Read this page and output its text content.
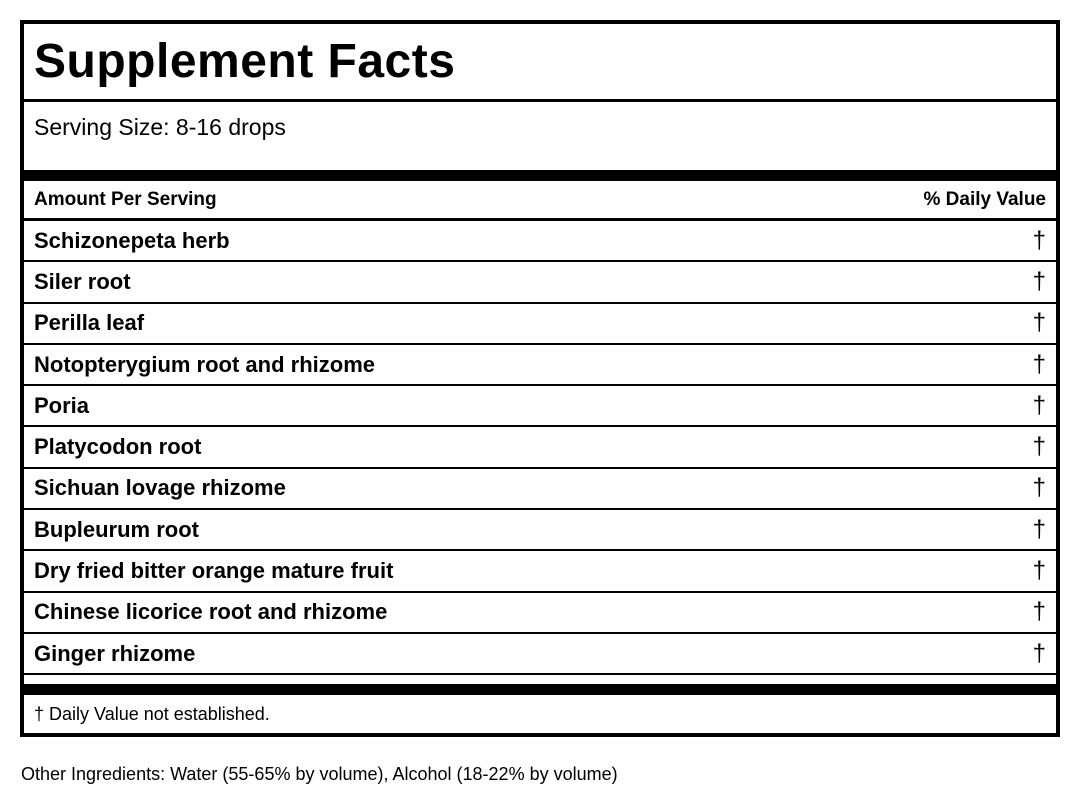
Supplement Facts
Serving Size: 8-16 drops
Amount Per Serving	% Daily Value
Schizonepeta herb	†
Siler root	†
Perilla leaf	†
Notopterygium root and rhizome	†
Poria	†
Platycodon root	†
Sichuan lovage rhizome	†
Bupleurum root	†
Dry fried bitter orange mature fruit	†
Chinese licorice root and rhizome	†
Ginger rhizome	†
† Daily Value not established.
Other Ingredients: Water (55-65% by volume), Alcohol (18-22% by volume)
